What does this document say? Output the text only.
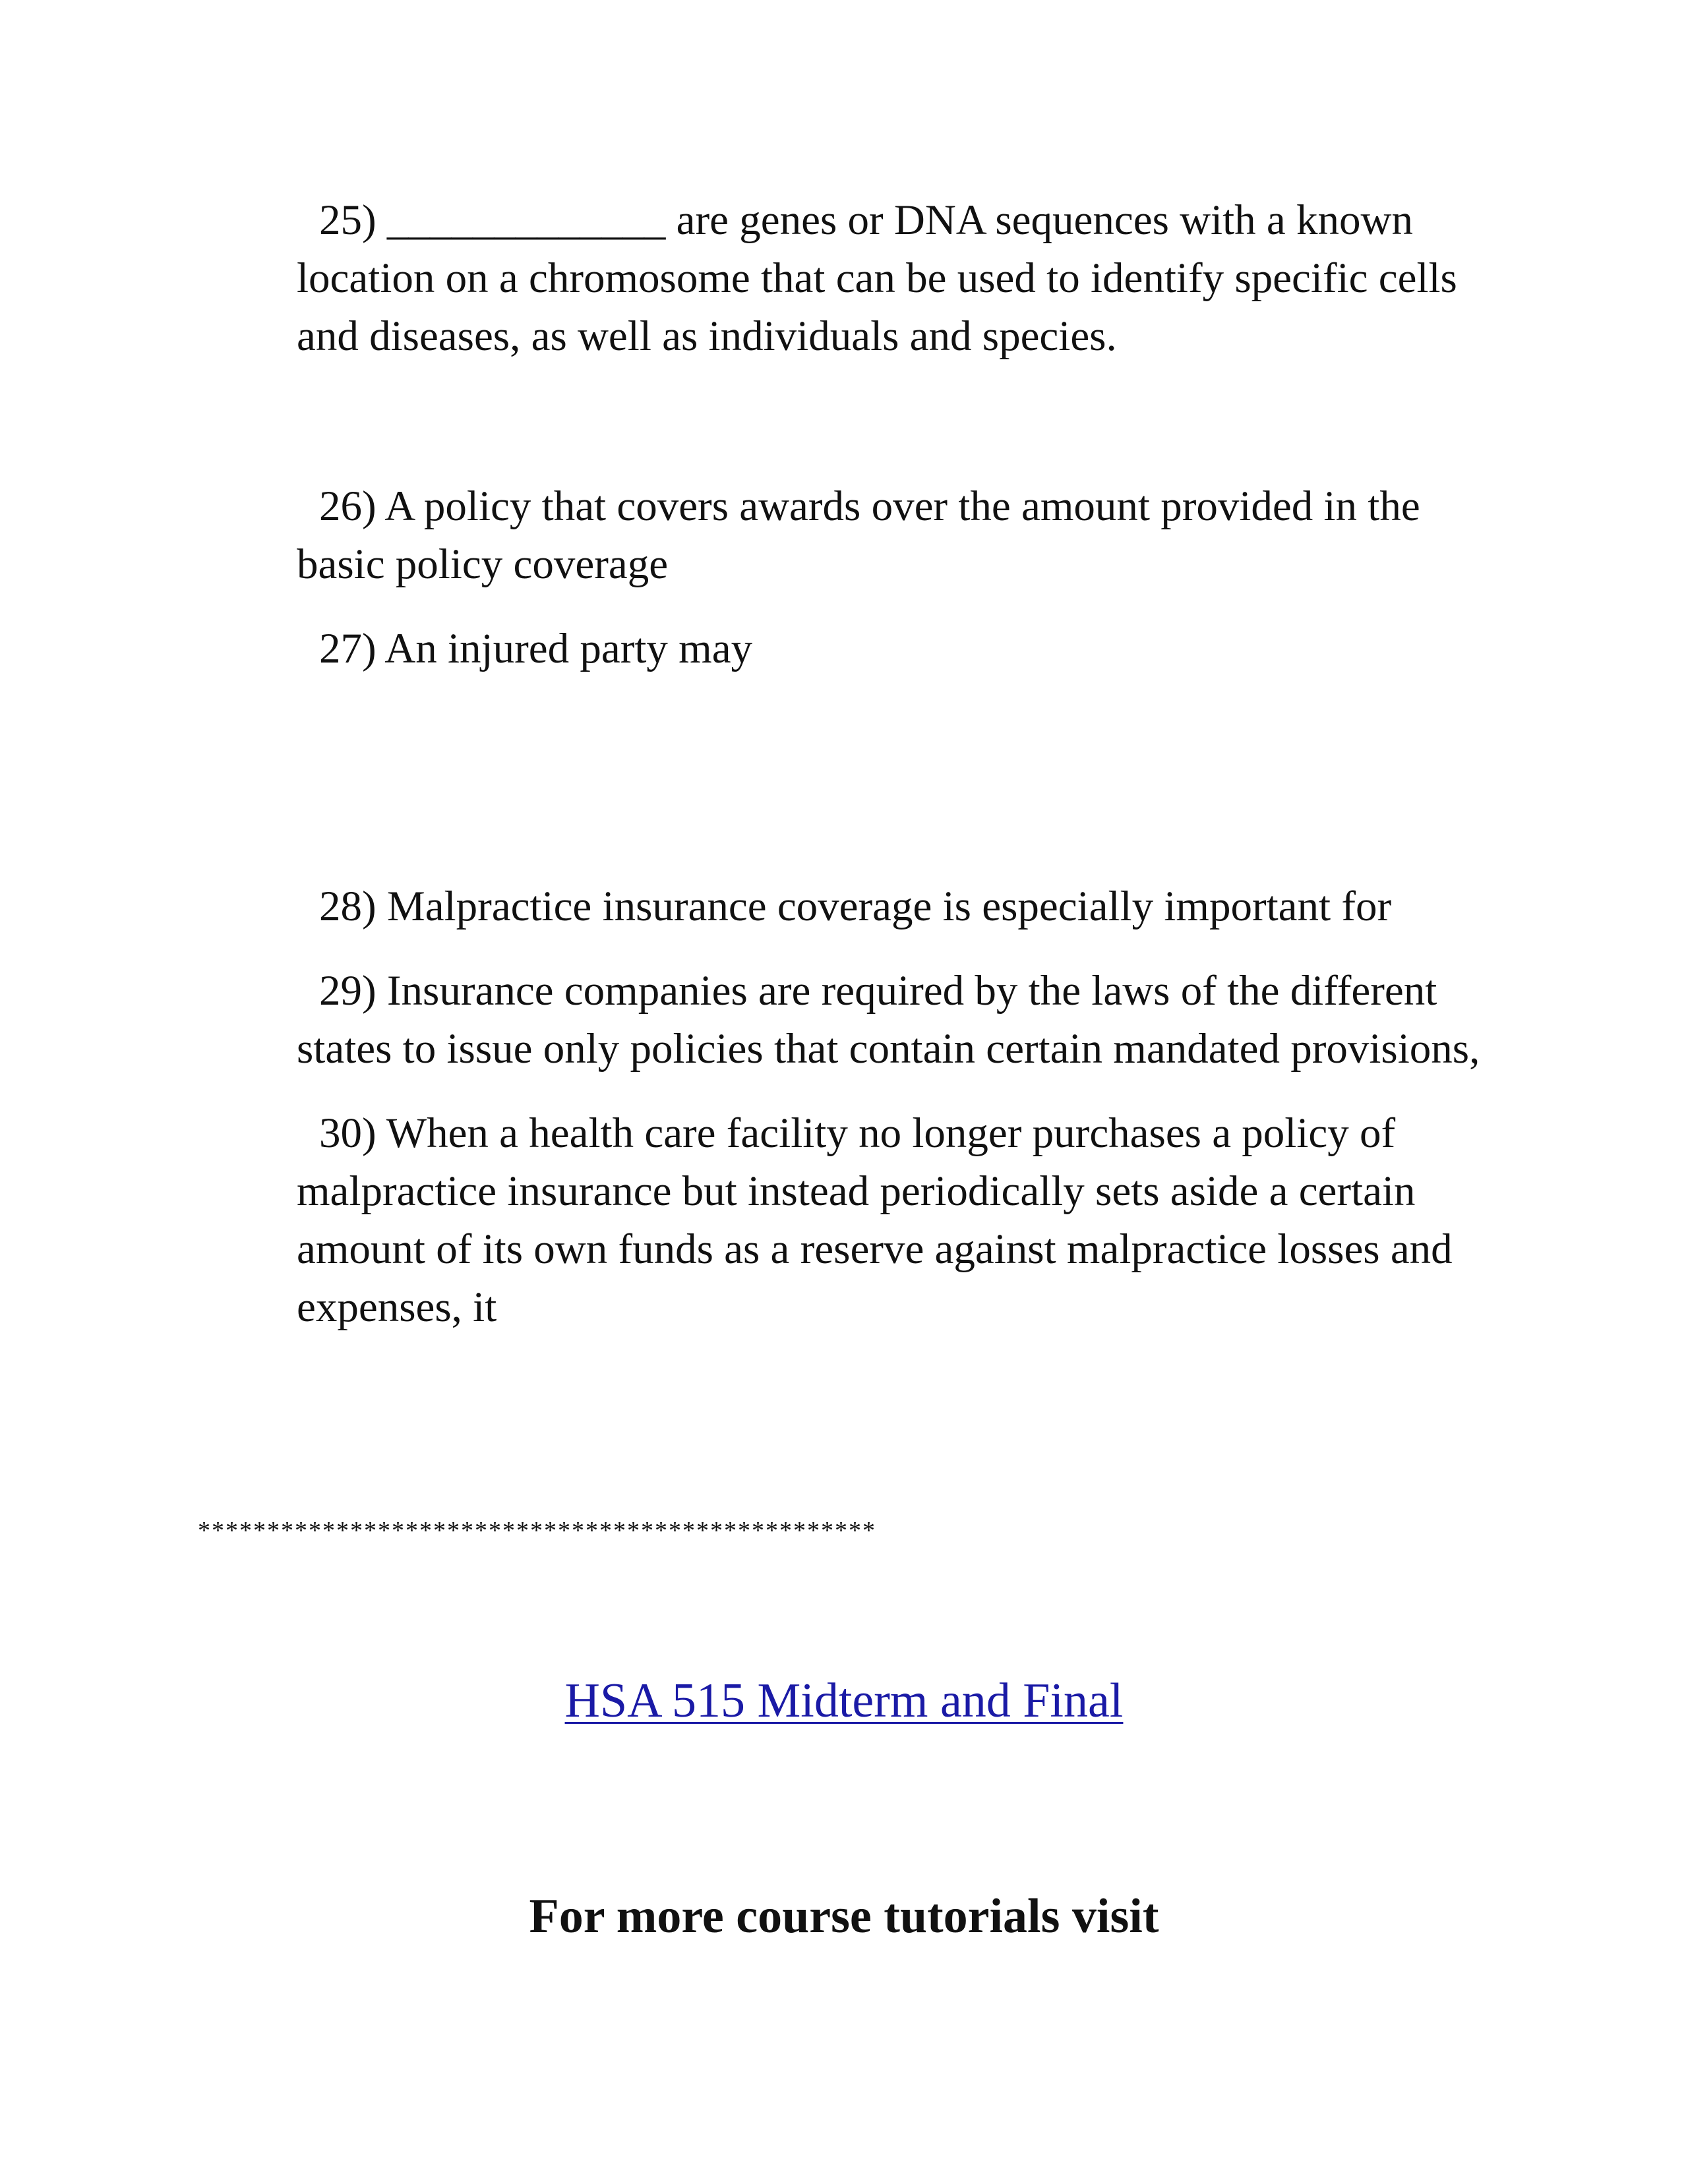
25) _____________ are genes or DNA sequences with a known location on a chromosome that can be used to identify specific cells and diseases, as well as individuals and species.

26) A policy that covers awards over the amount provided in the basic policy coverage

27) An injured party may

28) Malpractice insurance coverage is especially important for

29) Insurance companies are required by the laws of the different states to issue only policies that contain certain mandated provisions,

30) When a health care facility no longer purchases a policy of malpractice insurance but instead periodically sets aside a certain amount of its own funds as a reserve against malpractice losses and expenses, it

*************************************************
HSA 515 Midterm and Final

For more course tutorials visit
